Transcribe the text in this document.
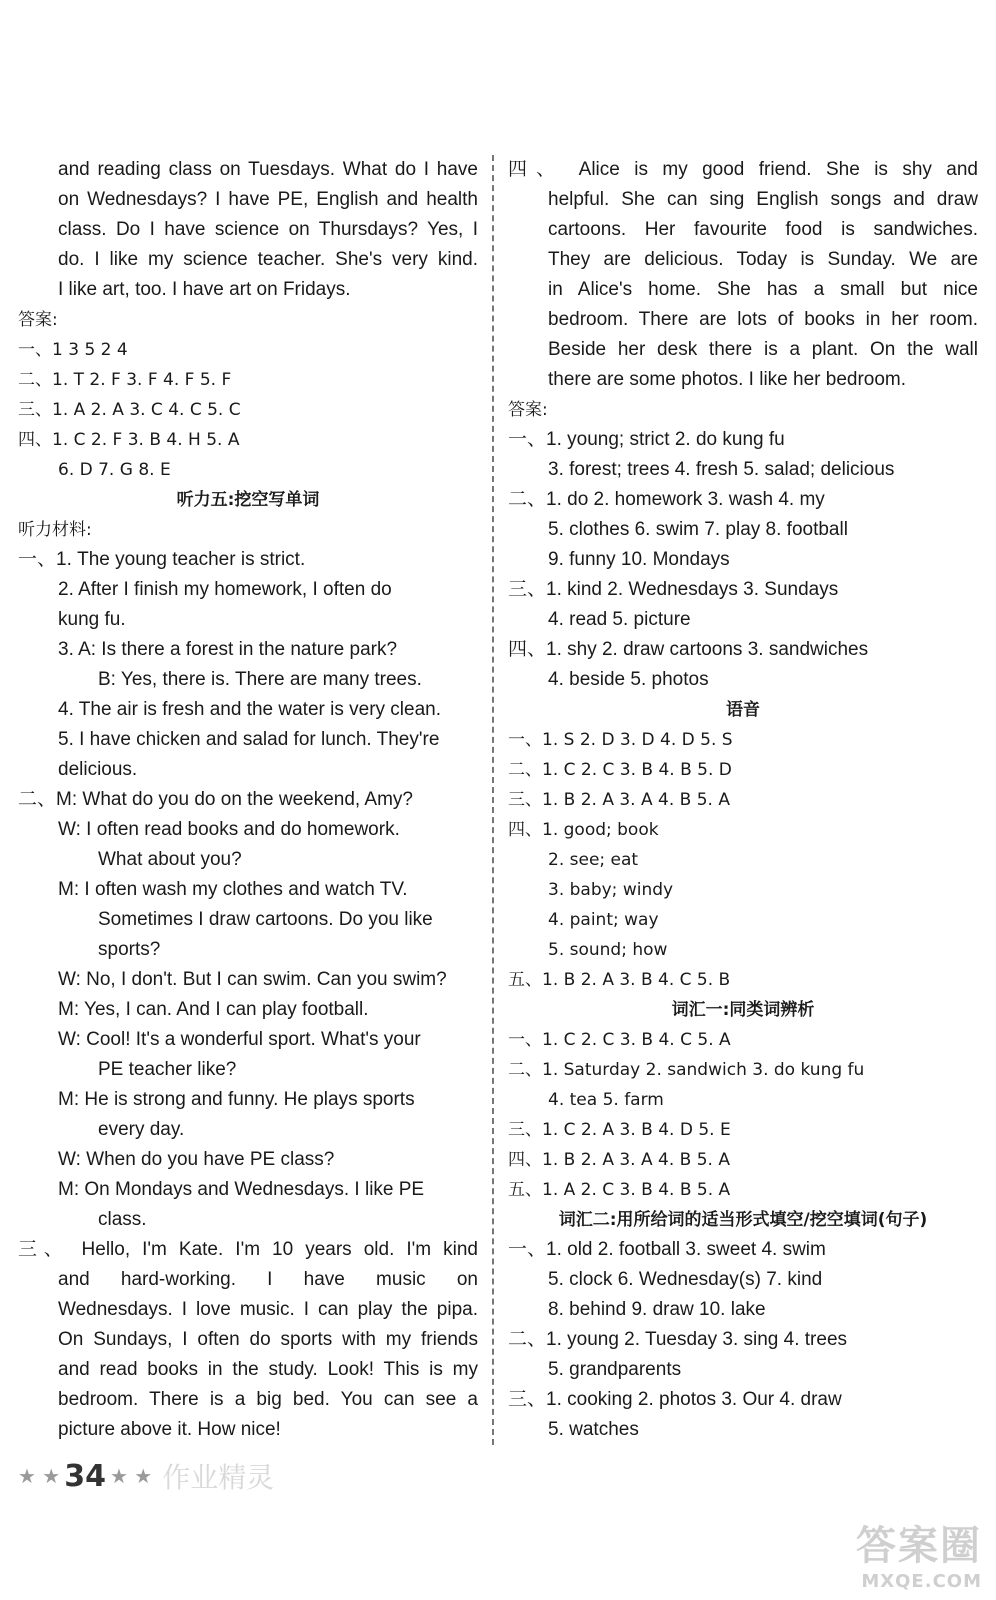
and reading class on Tuesdays. What do I have
on Wednesdays? I have PE, English and health
class. Do I have science on Thursdays? Yes, I
do. I like my science teacher. She's very kind.
I like art, too. I have art on Fridays.
答案:
一、1 3 5 2 4
二、1. T 2. F 3. F 4. F 5. F
三、1. A 2. A 3. C 4. C 5. C
四、1. C 2. F 3. B 4. H 5. A
6. D 7. G 8. E
听力五:挖空写单词
听力材料:
一、1. The young teacher is strict.
2. After I finish my homework, I often do
kung fu.
3. A: Is there a forest in the nature park?
B: Yes, there is. There are many trees.
4. The air is fresh and the water is very clean.
5. I have chicken and salad for lunch. They're
delicious.
二、M: What do you do on the weekend, Amy?
W: I often read books and do homework.
What about you?
M: I often wash my clothes and watch TV.
Sometimes I draw cartoons. Do you like
sports?
W: No, I don't. But I can swim. Can you swim?
M: Yes, I can. And I can play football.
W: Cool! It's a wonderful sport. What's your
PE teacher like?
M: He is strong and funny. He plays sports
every day.
W: When do you have PE class?
M: On Mondays and Wednesdays. I like PE
class.
三、 Hello, I'm Kate. I'm 10 years old. I'm kind
and hard-working. I have music on
Wednesdays. I love music. I can play the pipa.
On Sundays, I often do sports with my friends
and read books in the study. Look! This is my
bedroom. There is a big bed. You can see a
picture above it. How nice!
四、 Alice is my good friend. She is shy and
helpful. She can sing English songs and draw
cartoons. Her favourite food is sandwiches.
They are delicious. Today is Sunday. We are
in Alice's home. She has a small but nice
bedroom. There are lots of books in her room.
Beside her desk there is a plant. On the wall
there are some photos. I like her bedroom.
答案:
一、1. young; strict 2. do kung fu
3. forest; trees 4. fresh 5. salad; delicious
二、1. do 2. homework 3. wash 4. my
5. clothes 6. swim 7. play 8. football
9. funny 10. Mondays
三、1. kind 2. Wednesdays 3. Sundays
4. read 5. picture
四、1. shy 2. draw cartoons 3. sandwiches
4. beside 5. photos
语音
一、1. S 2. D 3. D 4. D 5. S
二、1. C 2. C 3. B 4. B 5. D
三、1. B 2. A 3. A 4. B 5. A
四、1. good; book
2. see; eat
3. baby; windy
4. paint; way
5. sound; how
五、1. B 2. A 3. B 4. C 5. B
词汇一:同类词辨析
一、1. C 2. C 3. B 4. C 5. A
二、1. Saturday 2. sandwich 3. do kung fu
4. tea 5. farm
三、1. C 2. A 3. B 4. D 5. E
四、1. B 2. A 3. A 4. B 5. A
五、1. A 2. C 3. B 4. B 5. A
词汇二:用所给词的适当形式填空/挖空填词(句子)
一、1. old 2. football 3. sweet 4. swim
5. clock 6. Wednesday(s) 7. kind
8. behind 9. draw 10. lake
二、1. young 2. Tuesday 3. sing 4. trees
5. grandparents
三、1. cooking 2. photos 3. Our 4. draw
5. watches
★ ★ 34 ★ ★ 作业精灵
答案圈
MXQE.COM
